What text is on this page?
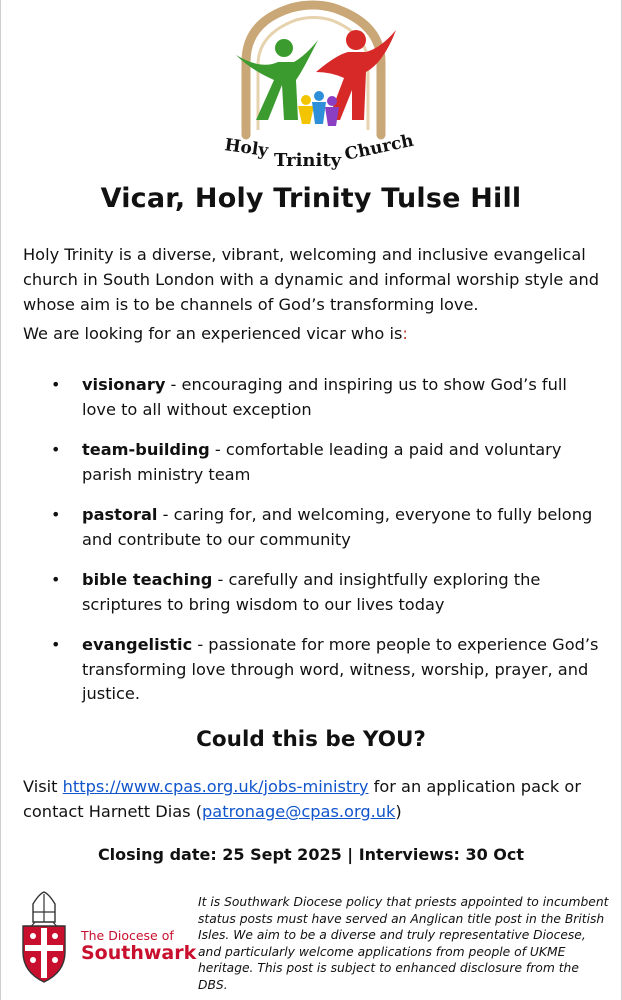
Holy Trinity Church
Vicar, Holy Trinity Tulse Hill

Holy Trinity is a diverse, vibrant, welcoming and inclusive evangelical church in South London with a dynamic and informal worship style and whose aim is to be channels of God’s transforming love.

We are looking for an experienced vicar who is:

• visionary - encouraging and inspiring us to show God’s full love to all without exception
• team-building - comfortable leading a paid and voluntary parish ministry team
• pastoral - caring for, and welcoming, everyone to fully belong and contribute to our community
• bible teaching - carefully and insightfully exploring the scriptures to bring wisdom to our lives today
• evangelistic - passionate for more people to experience God’s transforming love through word, witness, worship, prayer, and justice.
Could this be YOU?

Visit https://www.cpas.org.uk/jobs-ministry for an application pack or contact Harnett Dias (patronage@cpas.org.uk)

Closing date: 25 Sept 2025 | Interviews: 30 Oct
The Diocese of
Southwark

It is Southwark Diocese policy that priests appointed to incumbent status posts must have served an Anglican title post in the British Isles. We aim to be a diverse and truly representative Diocese, and particularly welcome applications from people of UKME heritage. This post is subject to enhanced disclosure from the DBS.
